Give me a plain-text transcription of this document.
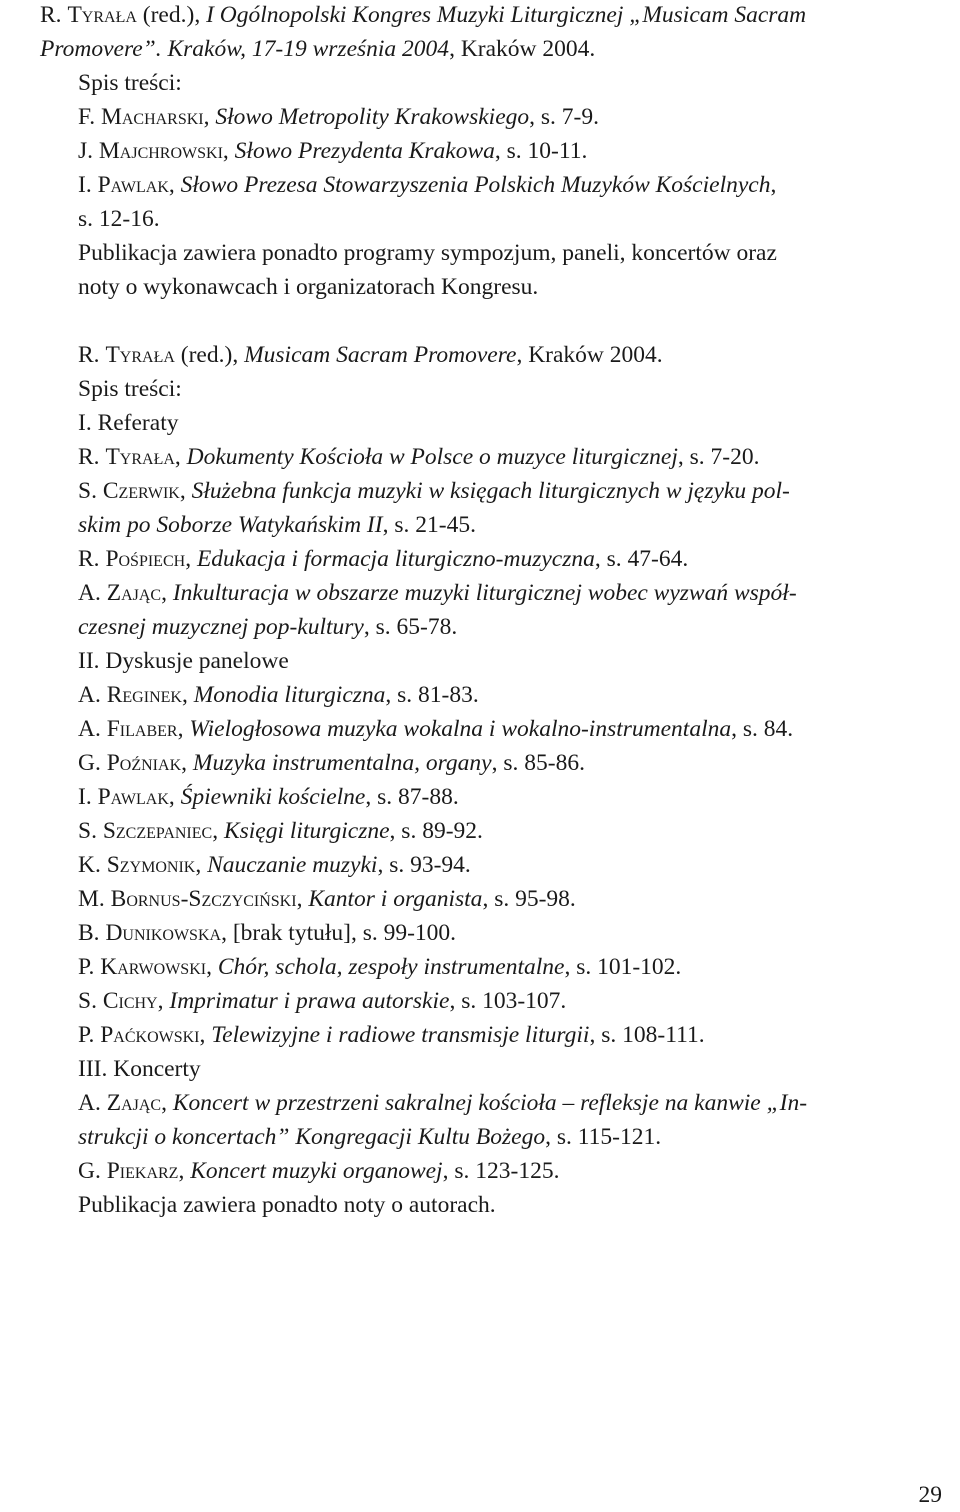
R. Tyrała (red.), I Ogólnopolski Kongres Muzyki Liturgicznej „Musicam Sacram
Promovere”. Kraków, 17-19 września 2004, Kraków 2004.
Spis treści:
F. Macharski, Słowo Metropolity Krakowskiego, s. 7-9.
J. Majchrowski, Słowo Prezydenta Krakowa, s. 10-11.
I. Pawlak, Słowo Prezesa Stowarzyszenia Polskich Muzyków Kościelnych,
s. 12-16.
Publikacja zawiera ponadto programy sympozjum, paneli, koncertów oraz
noty o wykonawcach i organizatorach Kongresu.
R. Tyrała (red.), Musicam Sacram Promovere, Kraków 2004.
Spis treści:
I. Referaty
R. Tyrała, Dokumenty Kościoła w Polsce o muzyce liturgicznej, s. 7-20.
S. Czerwik, Służebna funkcja muzyki w księgach liturgicznych w języku pol-
skim po Soborze Watykańskim II, s. 21-45.
R. Pośpiech, Edukacja i formacja liturgiczno-muzyczna, s. 47-64.
A. Zając, Inkulturacja w obszarze muzyki liturgicznej wobec wyzwań współ-
czesnej muzycznej pop-kultury, s. 65-78.
II. Dyskusje panelowe
A. Reginek, Monodia liturgiczna, s. 81-83.
A. Filaber, Wielogłosowa muzyka wokalna i wokalno-instrumentalna, s. 84.
G. Poźniak, Muzyka instrumentalna, organy, s. 85-86.
I. Pawlak, Śpiewniki kościelne, s. 87-88.
S. Szczepaniec, Księgi liturgiczne, s. 89-92.
K. Szymonik, Nauczanie muzyki, s. 93-94.
M. Bornus-Szczyciński, Kantor i organista, s. 95-98.
B. Dunikowska, [brak tytułu], s. 99-100.
P. Karwowski, Chór, schola, zespoły instrumentalne, s. 101-102.
S. Cichy, Imprimatur i prawa autorskie, s. 103-107.
P. Paćkowski, Telewizyjne i radiowe transmisje liturgii, s. 108-111.
III. Koncerty
A. Zając, Koncert w przestrzeni sakralnej kościoła – refleksje na kanwie „In-
strukcji o koncertach” Kongregacji Kultu Bożego, s. 115-121.
G. Piekarz, Koncert muzyki organowej, s. 123-125.
Publikacja zawiera ponadto noty o autorach.
29
